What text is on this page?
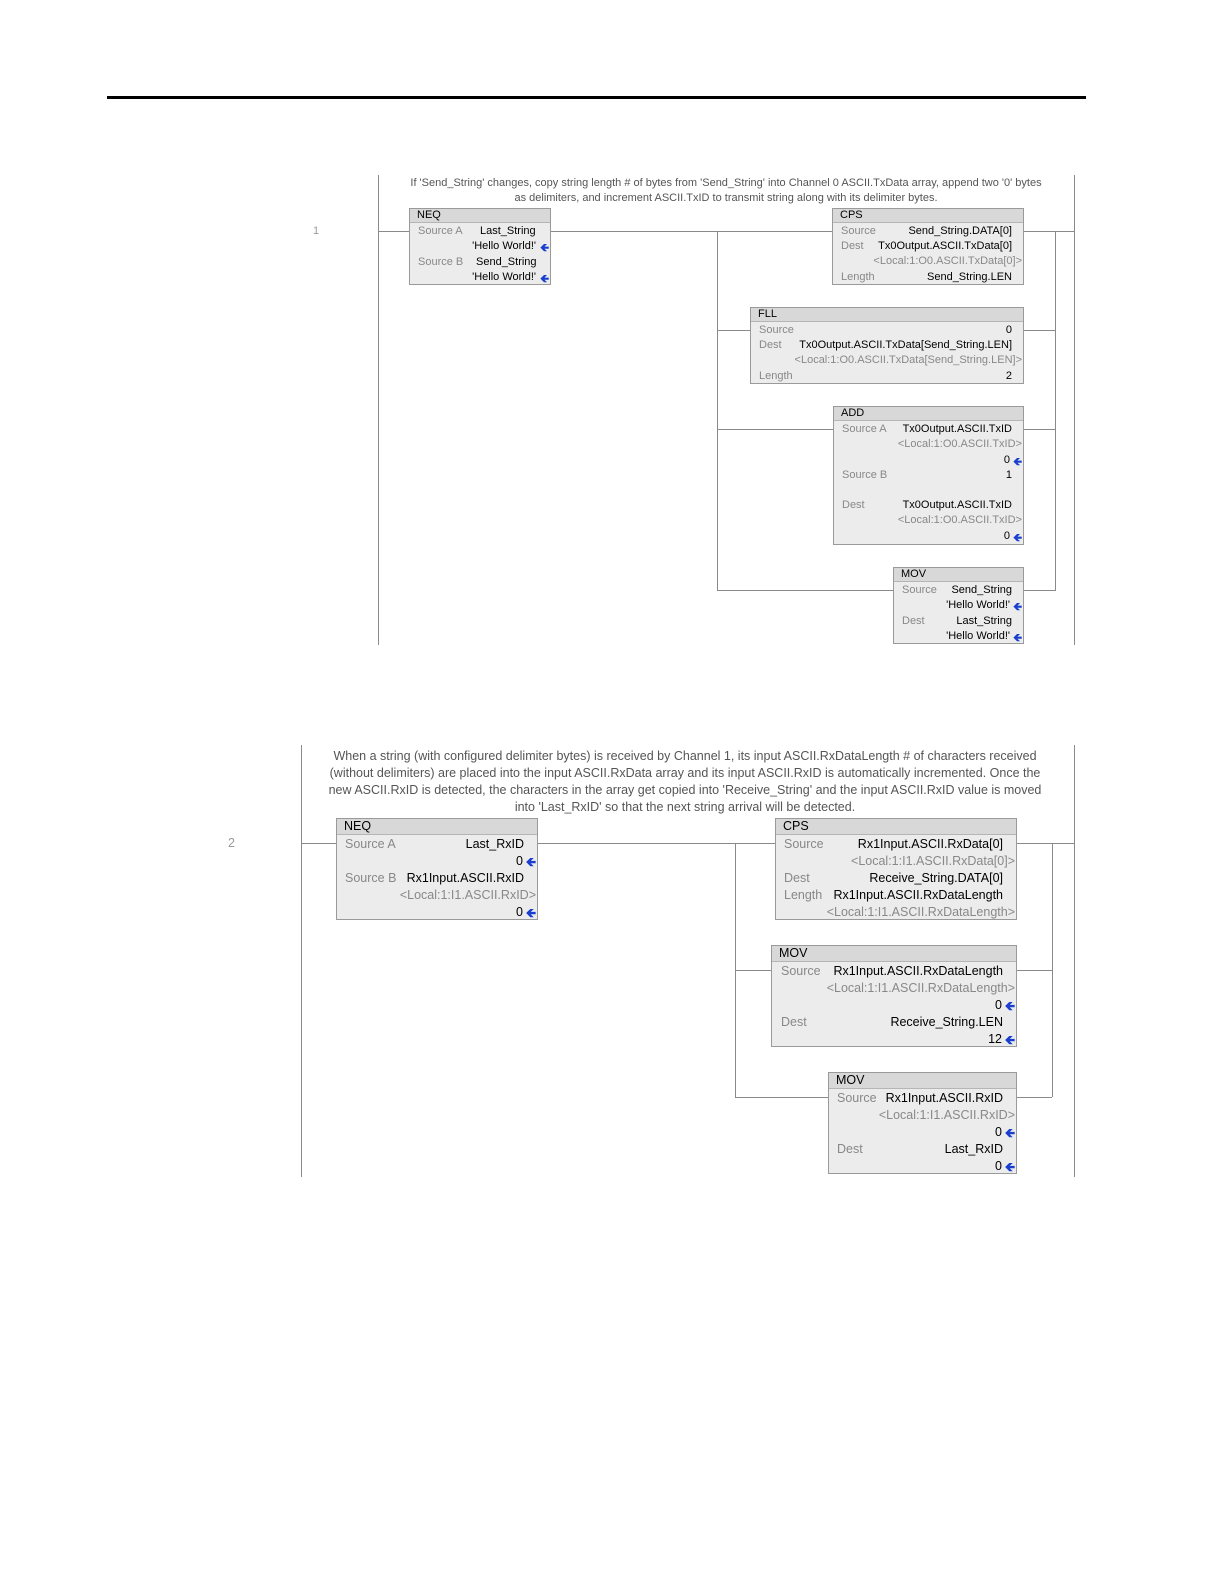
1
If 'Send_String' changes, copy string length # of bytes from 'Send_String' into Channel 0 ASCII.TxData array, append two '0' bytes
as delimiters, and increment ASCII.TxID to transmit string along with its delimiter bytes.
NEQ
Source A Last_String
'Hello World!' 🡸
Source B Send_String
'Hello World!' 🡸
CPS
Source	Send_String.DATA[0]
Dest Tx0Output.ASCII.TxData[0]
<Local:1:O0.ASCII.TxData[0]>
Length	Send_String.LEN
FLL
Source	0
Dest Tx0Output.ASCII.TxData[Send_String.LEN]
<Local:1:O0.ASCII.TxData[Send_String.LEN]>
Length	2
ADD
Source A Tx0Output.ASCII.TxID
<Local:1:O0.ASCII.TxID>
0 🡸
Source B	1
Dest	Tx0Output.ASCII.TxID
<Local:1:O0.ASCII.TxID>
0 🡸
MOV
Source Send_String
'Hello World!' 🡸
Dest	Last_String
'Hello World!' 🡸
2
When a string (with configured delimiter bytes) is received by Channel 1, its input ASCII.RxDataLength # of characters received
(without delimiters) are placed into the input ASCII.RxData array and its input ASCII.RxID is automatically incremented. Once the
new ASCII.RxID is detected, the characters in the array get copied into 'Receive_String' and the input ASCII.RxID value is moved
into 'Last_RxID' so that the next string arrival will be detected.
NEQ
Source A	Last_RxID
0 🡸
Source B Rx1Input.ASCII.RxID
<Local:1:I1.ASCII.RxID>
0 🡸
CPS
Source	Rx1Input.ASCII.RxData[0]
<Local:1:I1.ASCII.RxData[0]>
Dest	Receive_String.DATA[0]
Length Rx1Input.ASCII.RxDataLength
<Local:1:I1.ASCII.RxDataLength>
MOV
Source Rx1Input.ASCII.RxDataLength
<Local:1:I1.ASCII.RxDataLength>
0 🡸
Dest	Receive_String.LEN
12 🡸
MOV
Source Rx1Input.ASCII.RxID
<Local:1:I1.ASCII.RxID>
0 🡸
Dest	Last_RxID
0 🡸
